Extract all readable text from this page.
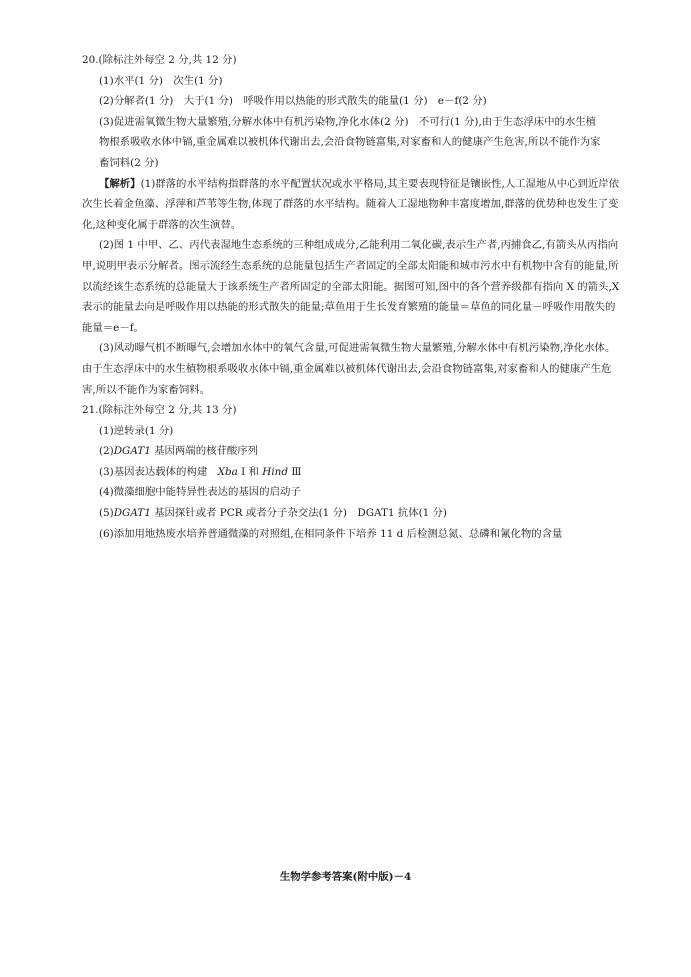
20.(除标注外每空 2 分,共 12 分)

(1)水平(1 分)　次生(1 分)

(2)分解者(1 分)　大于(1 分)　呼吸作用以热能的形式散失的能量(1 分)　e－f(2 分)

(3)促进需氧微生物大量繁殖,分解水体中有机污染物,净化水体(2 分)　不可行(1 分),由于生态浮床中的水生植

物根系吸收水体中镉,重金属难以被机体代谢出去,会沿食物链富集,对家畜和人的健康产生危害,所以不能作为家

畜饲料(2 分)

【解析】(1)群落的水平结构指群落的水平配置状况或水平格局,其主要表现特征是镶嵌性,人工湿地从中心到近岸依次生长着金鱼藻、浮萍和芦苇等生物,体现了群落的水平结构。随着人工湿地物种丰富度增加,群落的优势种也发生了变化,这种变化属于群落的次生演替。

(2)图 1 中甲、乙、丙代表湿地生态系统的三种组成成分,乙能利用二氧化碳,表示生产者,丙捕食乙,有箭头从丙指向甲,说明甲表示分解者。图示流经生态系统的总能量包括生产者固定的全部太阳能和城市污水中有机物中含有的能量,所以流经该生态系统的总能量大于该系统生产者所固定的全部太阳能。据图可知,图中的各个营养级都有指向 X 的箭头,X 表示的能量去向是呼吸作用以热能的形式散失的能量;草鱼用于生长发育繁殖的能量＝草鱼的同化量－呼吸作用散失的能量＝e－f。

(3)风动曝气机不断曝气,会增加水体中的氧气含量,可促进需氧微生物大量繁殖,分解水体中有机污染物,净化水体。由于生态浮床中的水生植物根系吸收水体中镉,重金属难以被机体代谢出去,会沿食物链富集,对家畜和人的健康产生危害,所以不能作为家畜饲料。

21.(除标注外每空 2 分,共 13 分)

(1)逆转录(1 分)

(2)DGAT1 基因两端的核苷酸序列

(3)基因表达载体的构建　Xba Ⅰ 和 Hind Ⅲ

(4)微藻细胞中能特异性表达的基因的启动子

(5)DGAT1 基因探针或者 PCR 或者分子杂交法(1 分)　DGAT1 抗体(1 分)

(6)添加用地热废水培养普通微藻的对照组,在相同条件下培养 11 d 后检测总氮、总磷和氰化物的含量

生物学参考答案(附中版)－4
